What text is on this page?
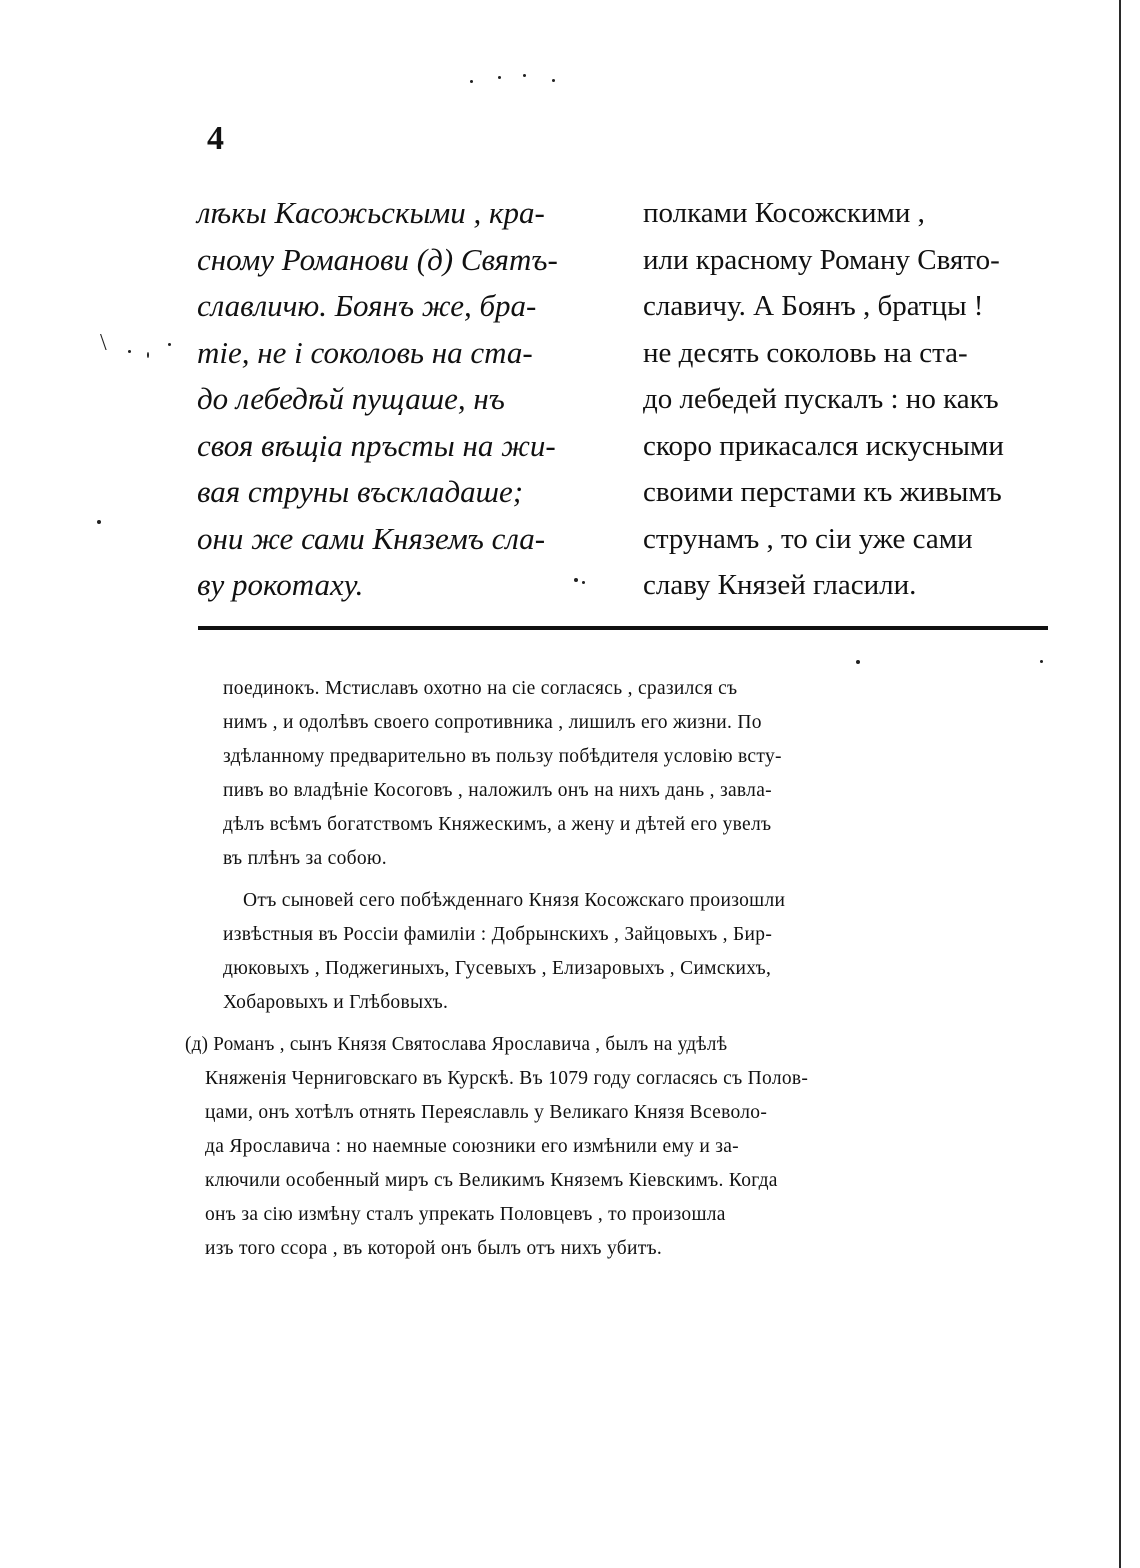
\
4
лѣкы Касожьскыми , кра-
сному Романови (д) Святъ-
славличю. Боянъ же, бра-
тіе, не і соколовь на ста-
до лебедѣй пущаше, нъ
своя вѣщіа пръсты на жи-
вая струны въскладаше;
они же сами Княземъ сла-
ву рокотаху.
полками Косожскими ,
или красному Роману Свято-
славичу. А Боянъ , братцы !
не десять соколовь на ста-
до лебедей пускалъ : но какъ
скоро прикасался искусными
своими перстами къ живымъ
струнамъ , то сіи уже сами
славу Князей гласили.
поединокъ. Мстиславъ охотно на сіе согласясь , сразился съ
нимъ , и одолѣвъ своего сопротивника , лишилъ его жизни. По
здѣланному предварительно въ пользу побѣдителя условію всту-
пивъ во владѣніе Косоговъ , наложилъ онъ на нихъ дань , завла-
дѣлъ всѣмъ богатствомъ Княжескимъ, а жену и дѣтей его увелъ
въ плѣнъ за собою.
Отъ сыновей сего побѣжденнаго Князя Косожскаго произошли
извѣстныя въ Россіи фамиліи : Добрынскихъ , Зайцовыхъ , Бир-
дюковыхъ , Поджегиныхъ, Гусевыхъ , Елизаровыхъ , Симскихъ,
Хобаровыхъ и Глѣбовыхъ.
(д) Романъ , сынъ Князя Святослава Ярославича , былъ на удѣлѣ
Княженія Черниговскаго въ Курскѣ. Въ 1079 году согласясь съ Полов-
цами, онъ хотѣлъ отнять Переяславль у Великаго Князя Всеволо-
да Ярославича : но наемные союзники его измѣнили ему и за-
ключили особенный миръ съ Великимъ Княземъ Кіевскимъ. Когда
онъ за сію измѣну сталъ упрекать Половцевъ , то произошла
изъ того ссора , въ которой онъ былъ отъ нихъ убитъ.
